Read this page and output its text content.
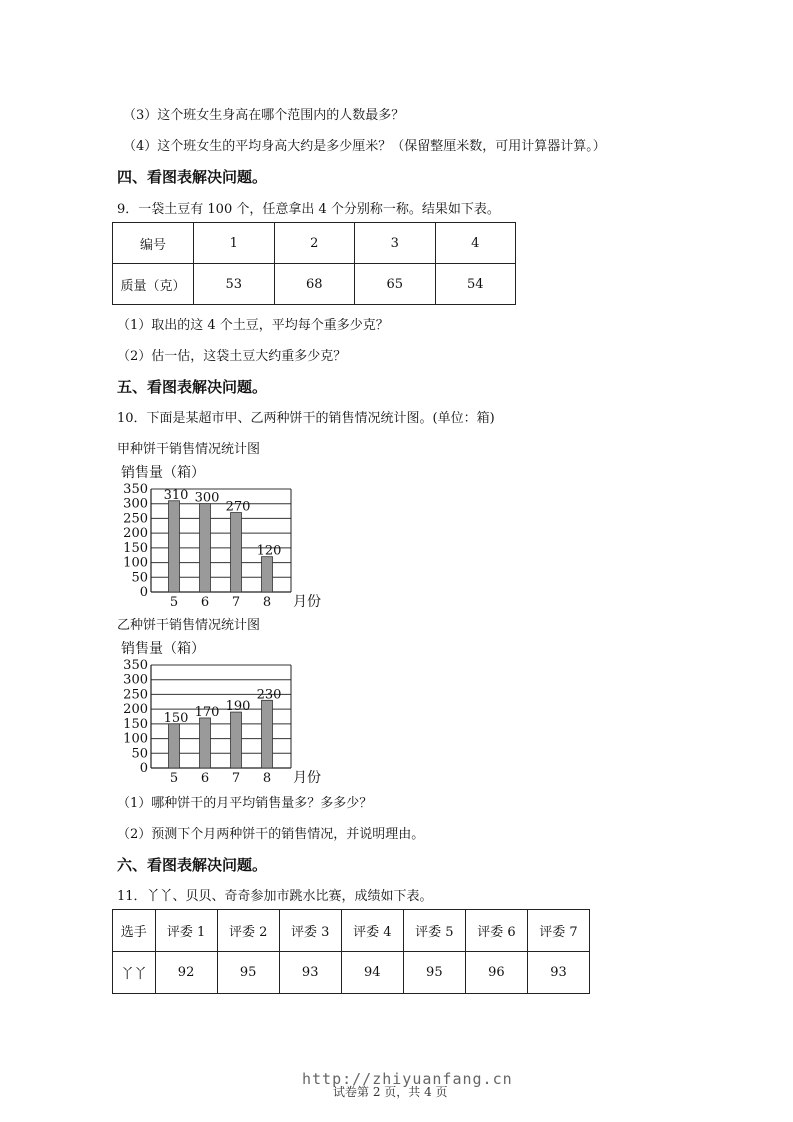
（3）这个班女生身高在哪个范围内的人数最多？
（4）这个班女生的平均身高大约是多少厘米？（保留整厘米数，可用计算器计算。）
四、看图表解决问题。
9．一袋土豆有 100 个，任意拿出 4 个分别称一称。结果如下表。
编号	1	2	3	4
质量（克）	53	68	65	54
（1）取出的这 4 个土豆，平均每个重多少克？
（2）估一估，这袋土豆大约重多少克？
五、看图表解决问题。
10．下面是某超市甲、乙两种饼干的销售情况统计图。(单位：箱)
甲种饼干销售情况统计图
销售量（箱）
350
300
250
200
150
100
50
0
310
5
300
6
270
7
120
8 月份
乙种饼干销售情况统计图
销售量（箱）
350
300
250
200
150
100
50
0
150
5
170
6
190
7
230
8 月份
（1）哪种饼干的月平均销售量多？多多少？
（2）预测下个月两种饼干的销售情况，并说明理由。
六、看图表解决问题。
11．丫丫、贝贝、奇奇参加市跳水比赛，成绩如下表。
选手	评委 1	评委 2	评委 3	评委 4	评委 5	评委 6	评委 7
丫丫	92	95	93	94	95	96	93
http://zhiyuanfang.cn
试卷第 2 页，共 4 页
